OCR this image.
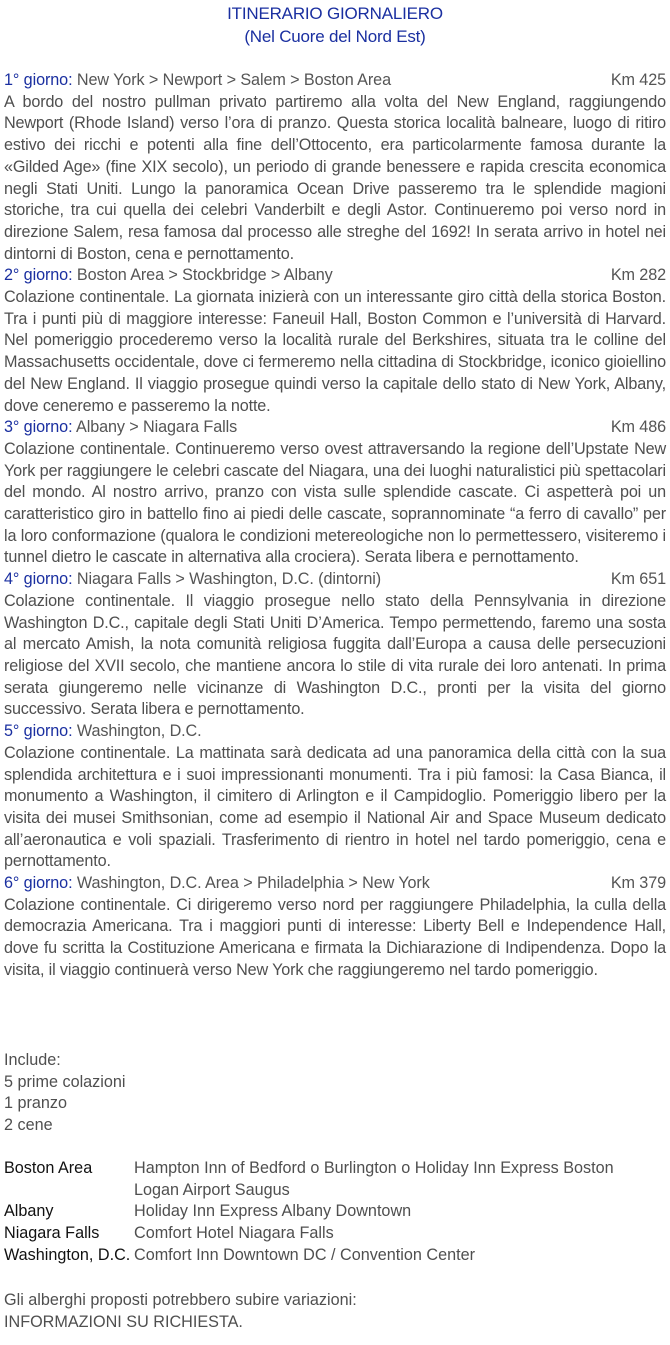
ITINERARIO GIORNALIERO
(Nel Cuore del Nord Est)
1° giorno: New York > Newport > Salem > Boston Area	Km 425
A bordo del nostro pullman privato partiremo alla volta del New England, raggiungendo Newport (Rhode Island) verso l’ora di pranzo. Questa storica località balneare, luogo di ritiro estivo dei ricchi e potenti alla fine dell’Ottocento, era particolarmente famosa durante la «Gilded Age» (fine XIX secolo), un periodo di grande benessere e rapida crescita economica negli Stati Uniti. Lungo la panoramica Ocean Drive passeremo tra le splendide magioni storiche, tra cui quella dei celebri Vanderbilt e degli Astor. Continueremo poi verso nord in direzione Salem, resa famosa dal processo alle streghe del 1692! In serata arrivo in hotel nei dintorni di Boston, cena e pernottamento.
2° giorno: Boston Area > Stockbridge > Albany	Km 282
Colazione continentale. La giornata inizierà con un interessante giro città della storica Boston. Tra i punti più di maggiore interesse: Faneuil Hall, Boston Common e l’università di Harvard. Nel pomeriggio procederemo verso la località rurale del Berkshires, situata tra le colline del Massachusetts occidentale, dove ci fermeremo nella cittadina di Stockbridge, iconico gioiellino del New England. Il viaggio prosegue quindi verso la capitale dello stato di New York, Albany, dove ceneremo e passeremo la notte.
3° giorno: Albany > Niagara Falls	Km 486
Colazione continentale. Continueremo verso ovest attraversando la regione dell’Upstate New York per raggiungere le celebri cascate del Niagara, una dei luoghi naturalistici più spettacolari del mondo. Al nostro arrivo, pranzo con vista sulle splendide cascate. Ci aspetterà poi un caratteristico giro in battello fino ai piedi delle cascate, soprannominate “a ferro di cavallo” per la loro conformazione (qualora le condizioni metereologiche non lo permettessero, visiteremo i tunnel dietro le cascate in alternativa alla crociera). Serata libera e pernottamento.
4° giorno: Niagara Falls > Washington, D.C. (dintorni)	Km 651
Colazione continentale. Il viaggio prosegue nello stato della Pennsylvania in direzione Washington D.C., capitale degli Stati Uniti D’America. Tempo permettendo, faremo una sosta al mercato Amish, la nota comunità religiosa fuggita dall’Europa a causa delle persecuzioni religiose del XVII secolo, che mantiene ancora lo stile di vita rurale dei loro antenati. In prima serata giungeremo nelle vicinanze di Washington D.C., pronti per la visita del giorno successivo. Serata libera e pernottamento.
5° giorno: Washington, D.C.
Colazione continentale. La mattinata sarà dedicata ad una panoramica della città con la sua splendida architettura e i suoi impressionanti monumenti. Tra i più famosi: la Casa Bianca, il monumento a Washington, il cimitero di Arlington e il Campidoglio. Pomeriggio libero per la visita dei musei Smithsonian, come ad esempio il National Air and Space Museum dedicato all’aeronautica e voli spaziali. Trasferimento di rientro in hotel nel tardo pomeriggio, cena e pernottamento.
6° giorno: Washington, D.C. Area > Philadelphia > New York	Km 379
Colazione continentale. Ci dirigeremo verso nord per raggiungere Philadelphia, la culla della democrazia Americana. Tra i maggiori punti di interesse: Liberty Bell e Independence Hall, dove fu scritta la Costituzione Americana e firmata la Dichiarazione di Indipendenza. Dopo la visita, il viaggio continuerà verso New York che raggiungeremo nel tardo pomeriggio.
Include:
5 prime colazioni
1 pranzo
2 cene
Boston Area	Hampton Inn of Bedford o Burlington o Holiday Inn Express Boston
Logan Airport Saugus
Albany	Holiday Inn Express Albany Downtown
Niagara Falls	Comfort Hotel Niagara Falls
Washington, D.C. Comfort Inn Downtown DC / Convention Center
Gli alberghi proposti potrebbero subire variazioni:
INFORMAZIONI SU RICHIESTA.
